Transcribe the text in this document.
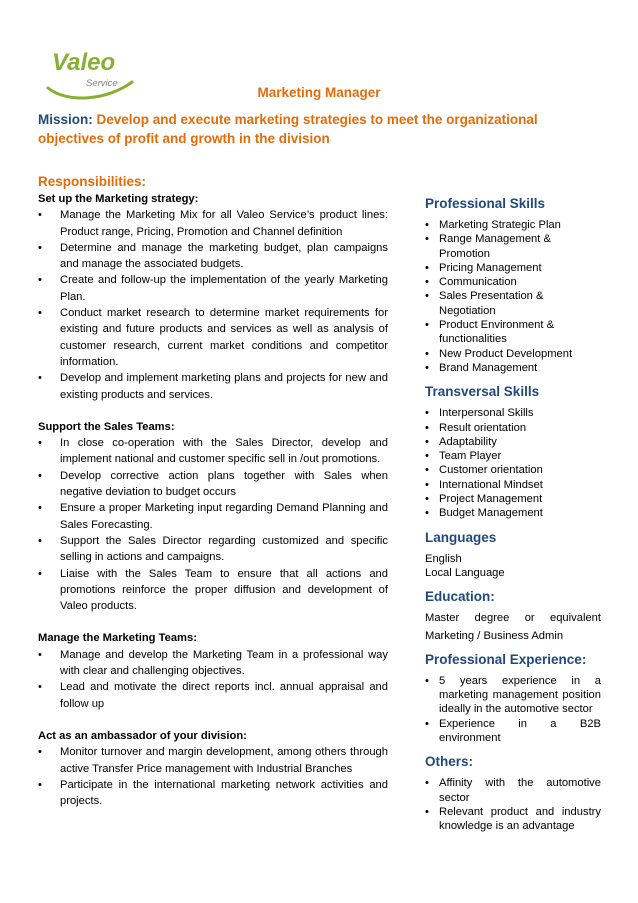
Valeo
Service
Marketing Manager
Mission: Develop and execute marketing strategies to meet the organizational objectives of profit and growth in the division
Responsibilities:
Set up the Marketing strategy:
• Manage the Marketing Mix for all Valeo Service’s product lines: Product range, Pricing, Promotion and Channel definition
• Determine and manage the marketing budget, plan campaigns and manage the associated budgets.
• Create and follow-up the implementation of the yearly Marketing Plan.
• Conduct market research to determine market requirements for existing and future products and services as well as analysis of customer research, current market conditions and competitor information.
• Develop and implement marketing plans and projects for new and existing products and services.
Support the Sales Teams:
• In close co-operation with the Sales Director, develop and implement national and customer specific sell in /out promotions.
• Develop corrective action plans together with Sales when negative deviation to budget occurs
• Ensure a proper Marketing input regarding Demand Planning and Sales Forecasting.
• Support the Sales Director regarding customized and specific selling in actions and campaigns.
• Liaise with the Sales Team to ensure that all actions and promotions reinforce the proper diffusion and development of Valeo products.
Manage the Marketing Teams:
• Manage and develop the Marketing Team in a professional way with clear and challenging objectives.
• Lead and motivate the direct reports incl. annual appraisal and follow up
Act as an ambassador of your division:
• Monitor turnover and margin development, among others through active Transfer Price management with Industrial Branches
• Participate in the international marketing network activities and projects.
Professional Skills
• Marketing Strategic Plan
• Range Management & Promotion
• Pricing Management
• Communication
• Sales Presentation & Negotiation
• Product Environment & functionalities
• New Product Development
• Brand Management
Transversal Skills
• Interpersonal Skills
• Result orientation
• Adaptability
• Team Player
• Customer orientation
• International Mindset
• Project Management
• Budget Management
Languages
English
Local Language
Education:
Master degree or equivalent
Marketing / Business Admin
Professional Experience:
• 5 years experience in a marketing management position ideally in the automotive sector
• Experience in a B2B environment
Others:
• Affinity with the automotive sector
• Relevant product and industry knowledge is an advantage
